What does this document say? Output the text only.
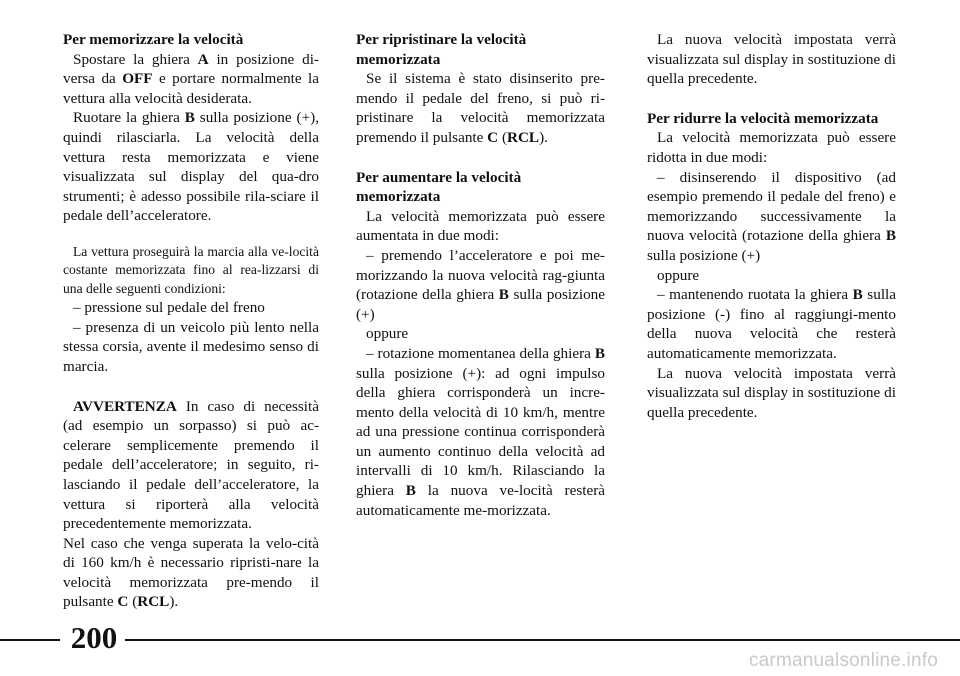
Per memorizzare la velocità

Spostare la ghiera A in posizione di-versa da OFF e portare normalmente la vettura alla velocità desiderata.

Ruotare la ghiera B sulla posizione (+), quindi rilasciarla. La velocità della vettura resta memorizzata e viene visualizzata sul display del qua-dro strumenti; è adesso possibile rila-sciare il pedale dell’acceleratore.

La vettura proseguirà la marcia alla ve-locità costante memorizzata fino al rea-lizzarsi di una delle seguenti condizioni:

– pressione sul pedale del freno

– presenza di un veicolo più lento nella stessa corsia, avente il medesimo senso di marcia.

AVVERTENZA In caso di necessità (ad esempio un sorpasso) si può ac-celerare semplicemente premendo il pedale dell’acceleratore; in seguito, ri-lasciando il pedale dell’acceleratore, la vettura si riporterà alla velocità precedentemente memorizzata.

Nel caso che venga superata la velo-cità di 160 km/h è necessario ripristi-nare la velocità memorizzata pre-mendo il pulsante C (RCL).

Per ripristinare la velocità memorizzata

Se il sistema è stato disinserito pre-mendo il pedale del freno, si può ri-pristinare la velocità memorizzata premendo il pulsante C (RCL).

Per aumentare la velocità memorizzata

La velocità memorizzata può essere aumentata in due modi:

– premendo l’acceleratore e poi me-morizzando la nuova velocità rag-giunta (rotazione della ghiera B sulla posizione (+)

oppure

– rotazione momentanea della ghiera B sulla posizione (+): ad ogni impulso della ghiera corrisponderà un incre-mento della velocità di 10 km/h, mentre ad una pressione continua corrisponderà un aumento continuo della velocità ad intervalli di 10 km/h. Rilasciando la ghiera B la nuova ve-locità resterà automaticamente me-morizzata.

La nuova velocità impostata verrà visualizzata sul display in sostituzione di quella precedente.

Per ridurre la velocità memorizzata

La velocità memorizzata può essere ridotta in due modi:

– disinserendo il dispositivo (ad esempio premendo il pedale del freno) e memorizzando successivamente la nuova velocità (rotazione della ghiera B sulla posizione (+)

oppure

– mantenendo ruotata la ghiera B sulla posizione (-) fino al raggiungi-mento della nuova velocità che resterà automaticamente memorizzata.

La nuova velocità impostata verrà visualizzata sul display in sostituzione di quella precedente.

200
carmanualsonline.info
